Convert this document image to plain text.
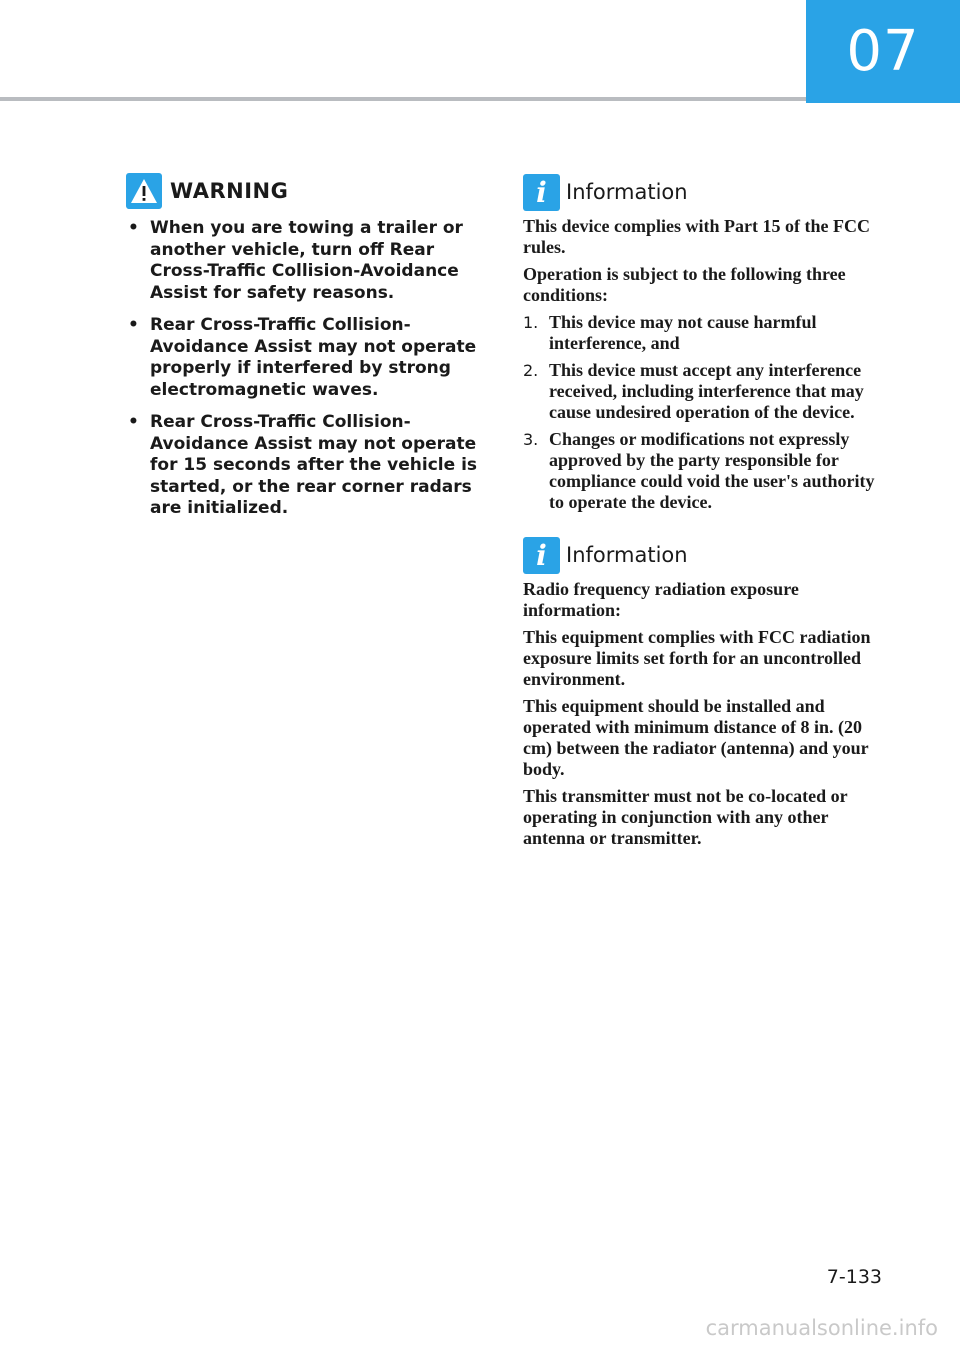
07
WARNING
• When you are towing a trailer or another vehicle, turn off Rear Cross-Traffic Collision-Avoidance Assist for safety reasons.
• Rear Cross-Traffic Collision-Avoidance Assist may not operate properly if interfered by strong electromagnetic waves.
• Rear Cross-Traffic Collision-Avoidance Assist may not operate for 15 seconds after the vehicle is started, or the rear corner radars are initialized.
i Information

This device complies with Part 15 of the FCC rules.

Operation is subject to the following three conditions:

1. This device may not cause harmful interference, and
2. This device must accept any interference received, including interference that may cause undesired operation of the device.
3. Changes or modifications not expressly approved by the party responsible for compliance could void the user's authority to operate the device.
i Information

Radio frequency radiation exposure information:

This equipment complies with FCC radiation exposure limits set forth for an uncontrolled environment.

This equipment should be installed and operated with minimum distance of 8 in. (20 cm) between the radiator (antenna) and your body.

This transmitter must not be co-located or operating in conjunction with any other antenna or transmitter.

7-133
carmanualsonline.info
